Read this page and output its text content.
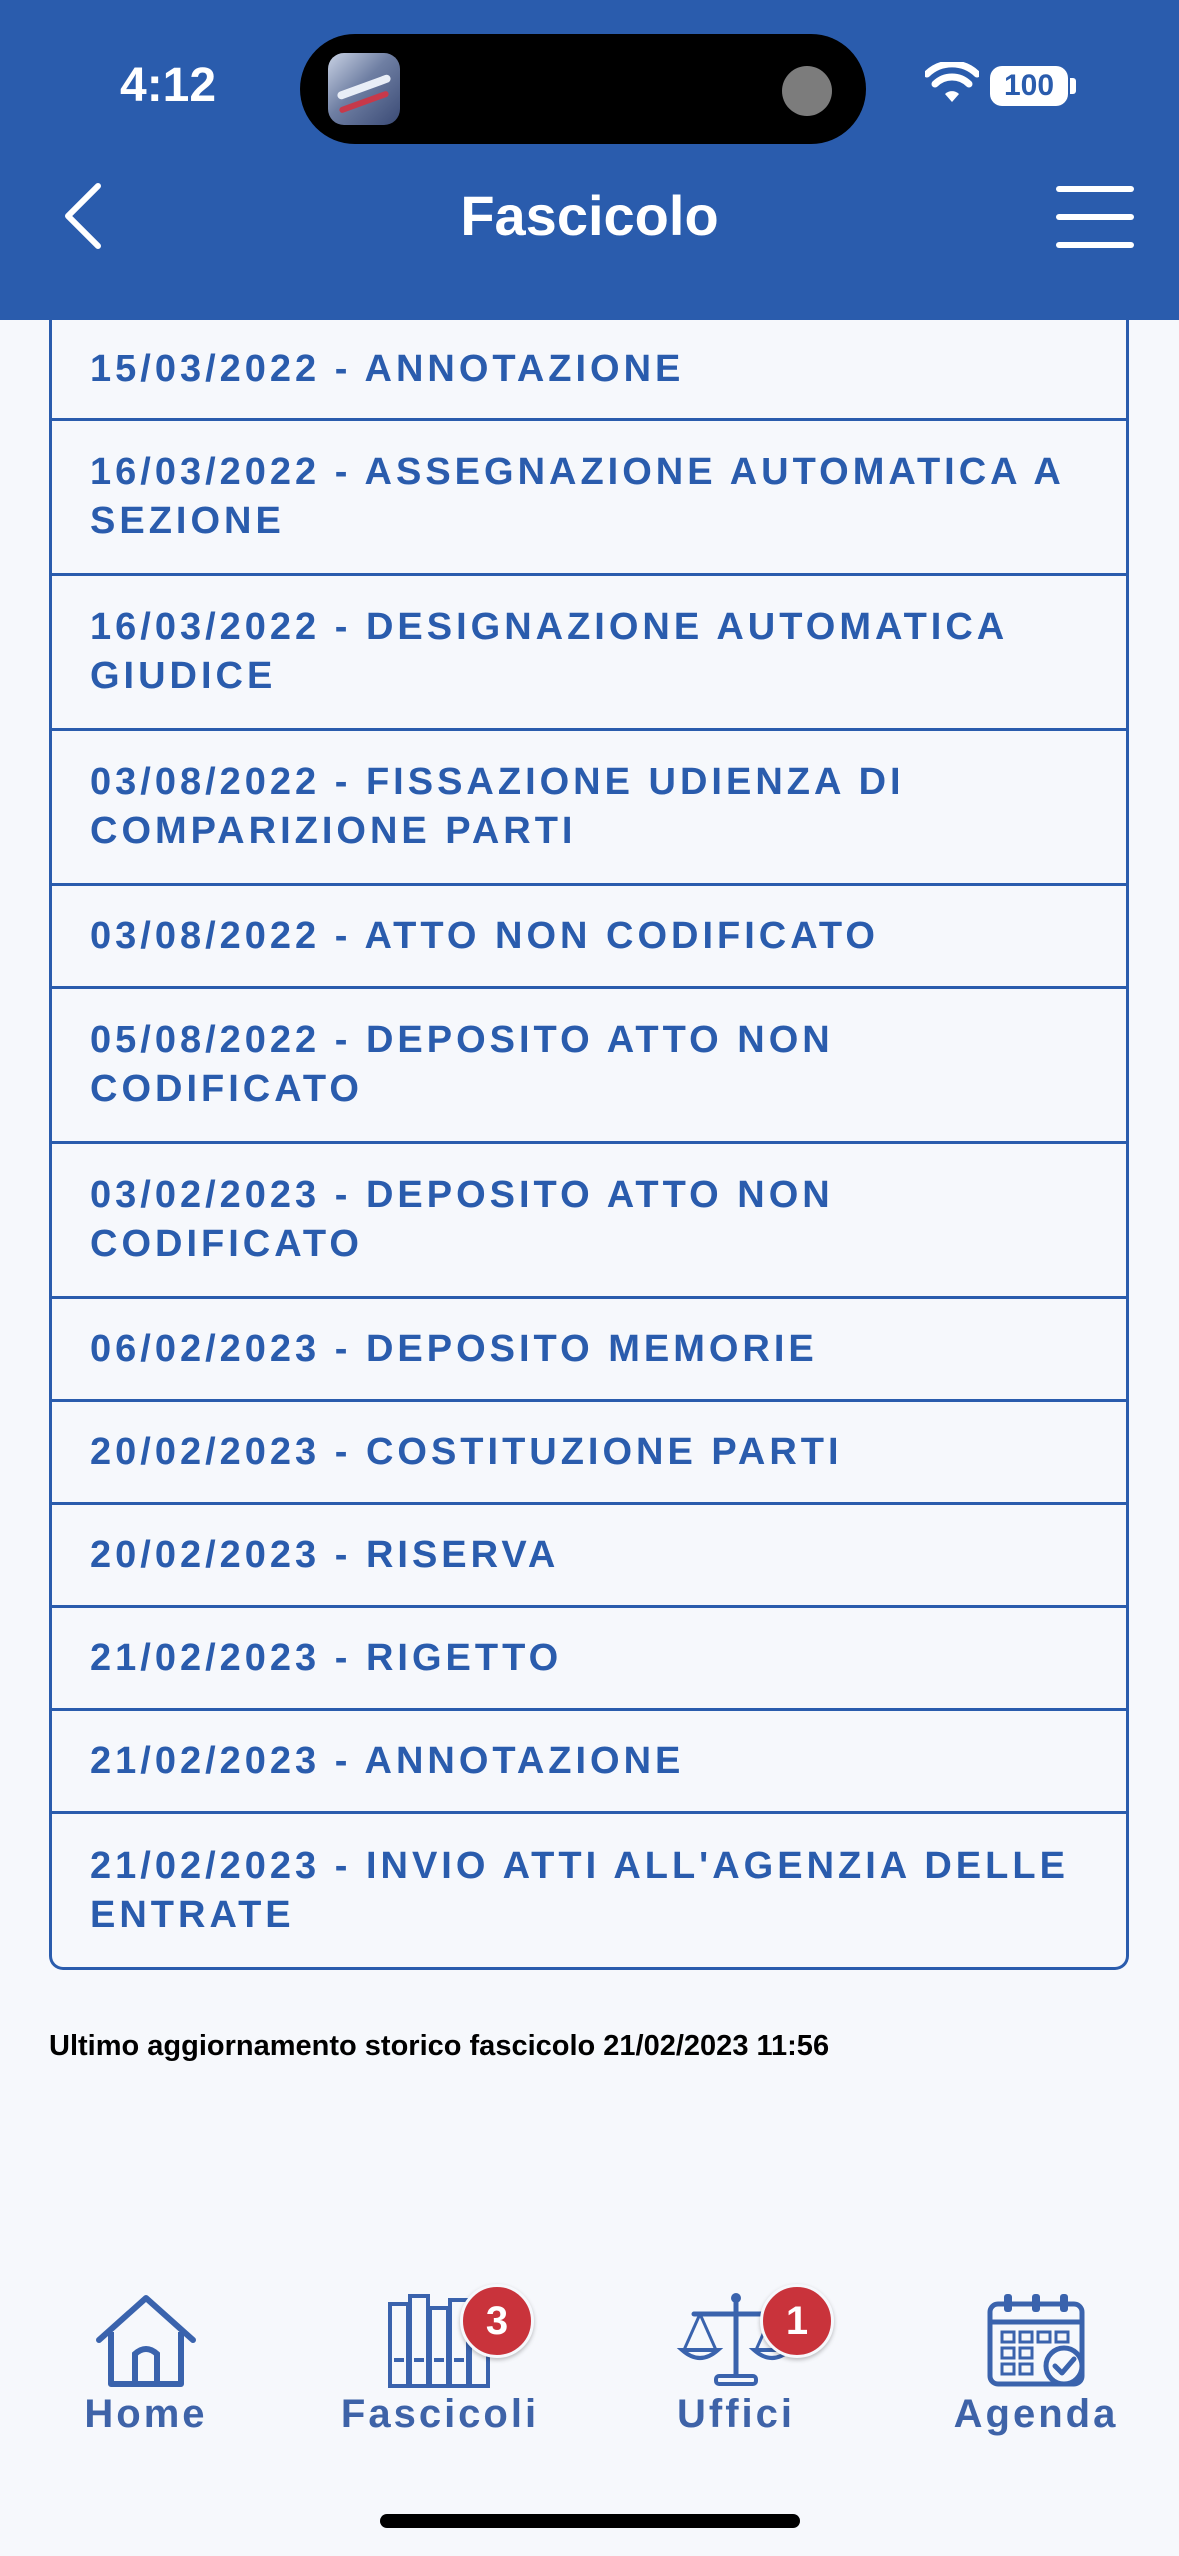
4:12	100
Fascicolo
15/03/2022 - ANNOTAZIONE
16/03/2022 - ASSEGNAZIONE AUTOMATICA A SEZIONE
16/03/2022 - DESIGNAZIONE AUTOMATICA GIUDICE
03/08/2022 - FISSAZIONE UDIENZA DI COMPARIZIONE PARTI
03/08/2022 - ATTO NON CODIFICATO
05/08/2022 - DEPOSITO ATTO NON CODIFICATO
03/02/2023 - DEPOSITO ATTO NON CODIFICATO
06/02/2023 - DEPOSITO MEMORIE
20/02/2023 - COSTITUZIONE PARTI
20/02/2023 - RISERVA
21/02/2023 - RIGETTO
21/02/2023 - ANNOTAZIONE
21/02/2023 - INVIO ATTI ALL'AGENZIA DELLE ENTRATE
Ultimo aggiornamento storico fascicolo 21/02/2023 11:56
Home	Fascicoli
3
Uffici
1
Agenda
